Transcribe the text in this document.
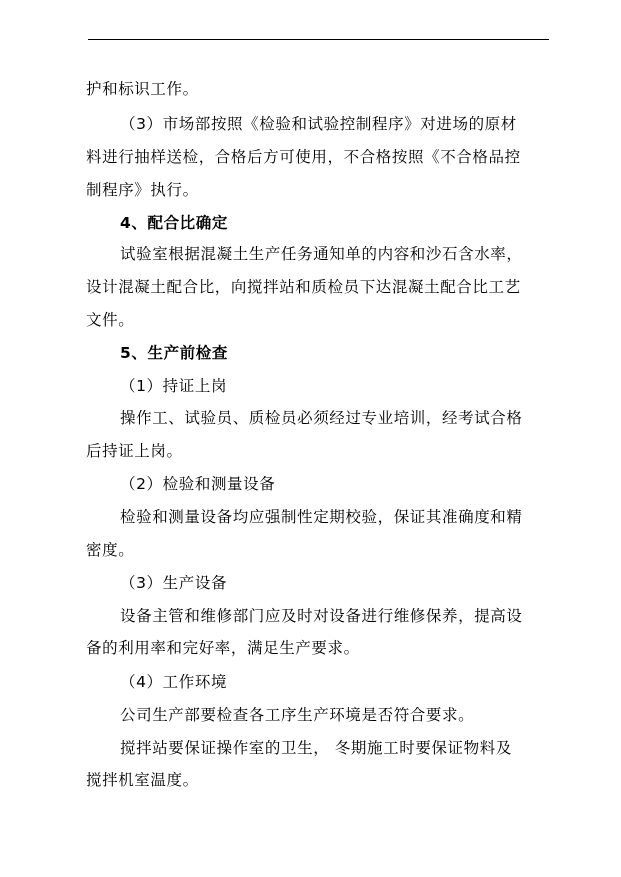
护和标识工作。
（3）市场部按照《检验和试验控制程序》对进场的原材
料进行抽样送检，合格后方可使用，不合格按照《不合格品控
制程序》执行。
4、配合比确定
试验室根据混凝土生产任务通知单的内容和沙石含水率，
设计混凝土配合比，向搅拌站和质检员下达混凝土配合比工艺
文件。
5、生产前检查
（1）持证上岗
操作工、试验员、质检员必须经过专业培训，经考试合格
后持证上岗。
（2）检验和测量设备
检验和测量设备均应强制性定期校验，保证其准确度和精
密度。
（3）生产设备
设备主管和维修部门应及时对设备进行维修保养，提高设
备的利用率和完好率，满足生产要求。
（4）工作环境
公司生产部要检查各工序生产环境是否符合要求。
搅拌站要保证操作室的卫生， 冬期施工时要保证物料及
搅拌机室温度。
